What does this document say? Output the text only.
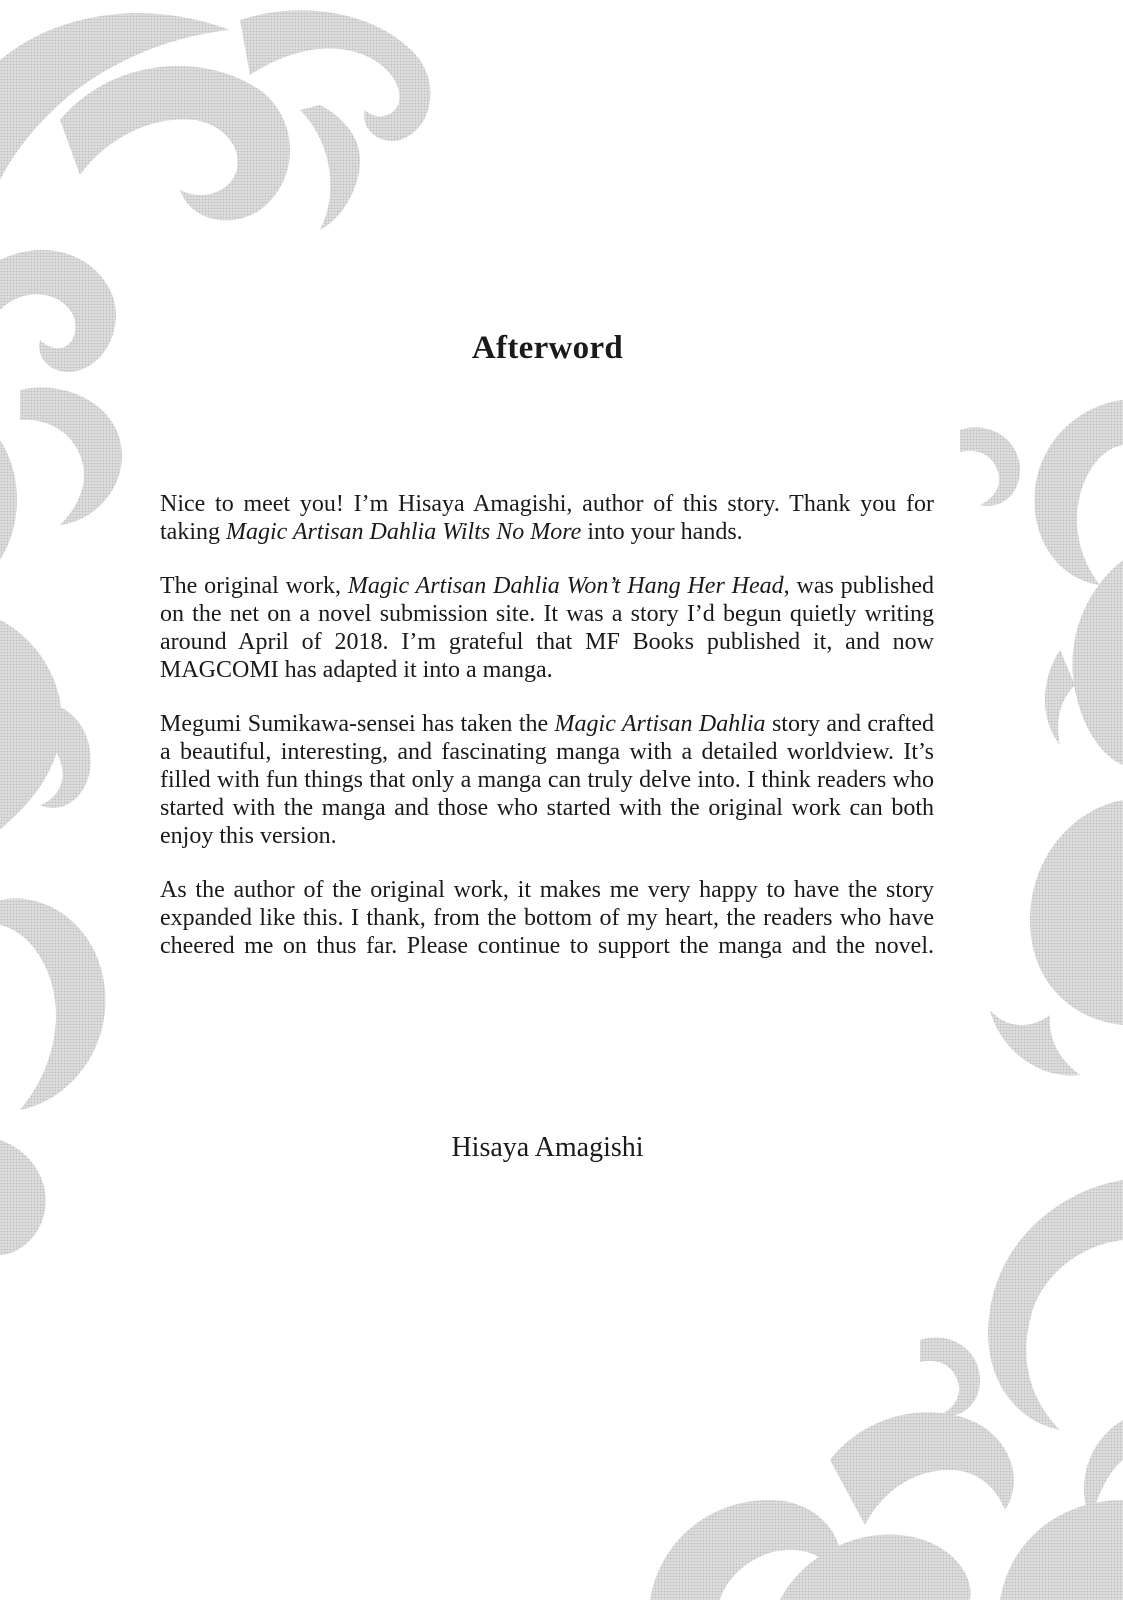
Afterword

Nice to meet you! I’m Hisaya Amagishi, author of this story. Thank you for taking Magic Artisan Dahlia Wilts No More into your hands.

The original work, Magic Artisan Dahlia Won’t Hang Her Head, was published on the net on a novel submission site. It was a story I’d begun quietly writing around April of 2018. I’m grateful that MF Books published it, and now MAGCOMI has adapted it into a manga.

Megumi Sumikawa-sensei has taken the Magic Artisan Dahlia story and crafted a beautiful, interesting, and fascinating manga with a detailed worldview. It’s filled with fun things that only a manga can truly delve into. I think readers who started with the manga and those who started with the original work can both enjoy this version.

As the author of the original work, it makes me very happy to have the story expanded like this. I thank, from the bottom of my heart, the readers who have cheered me on thus far. Please continue to support the manga and the novel.

Hisaya Amagishi
